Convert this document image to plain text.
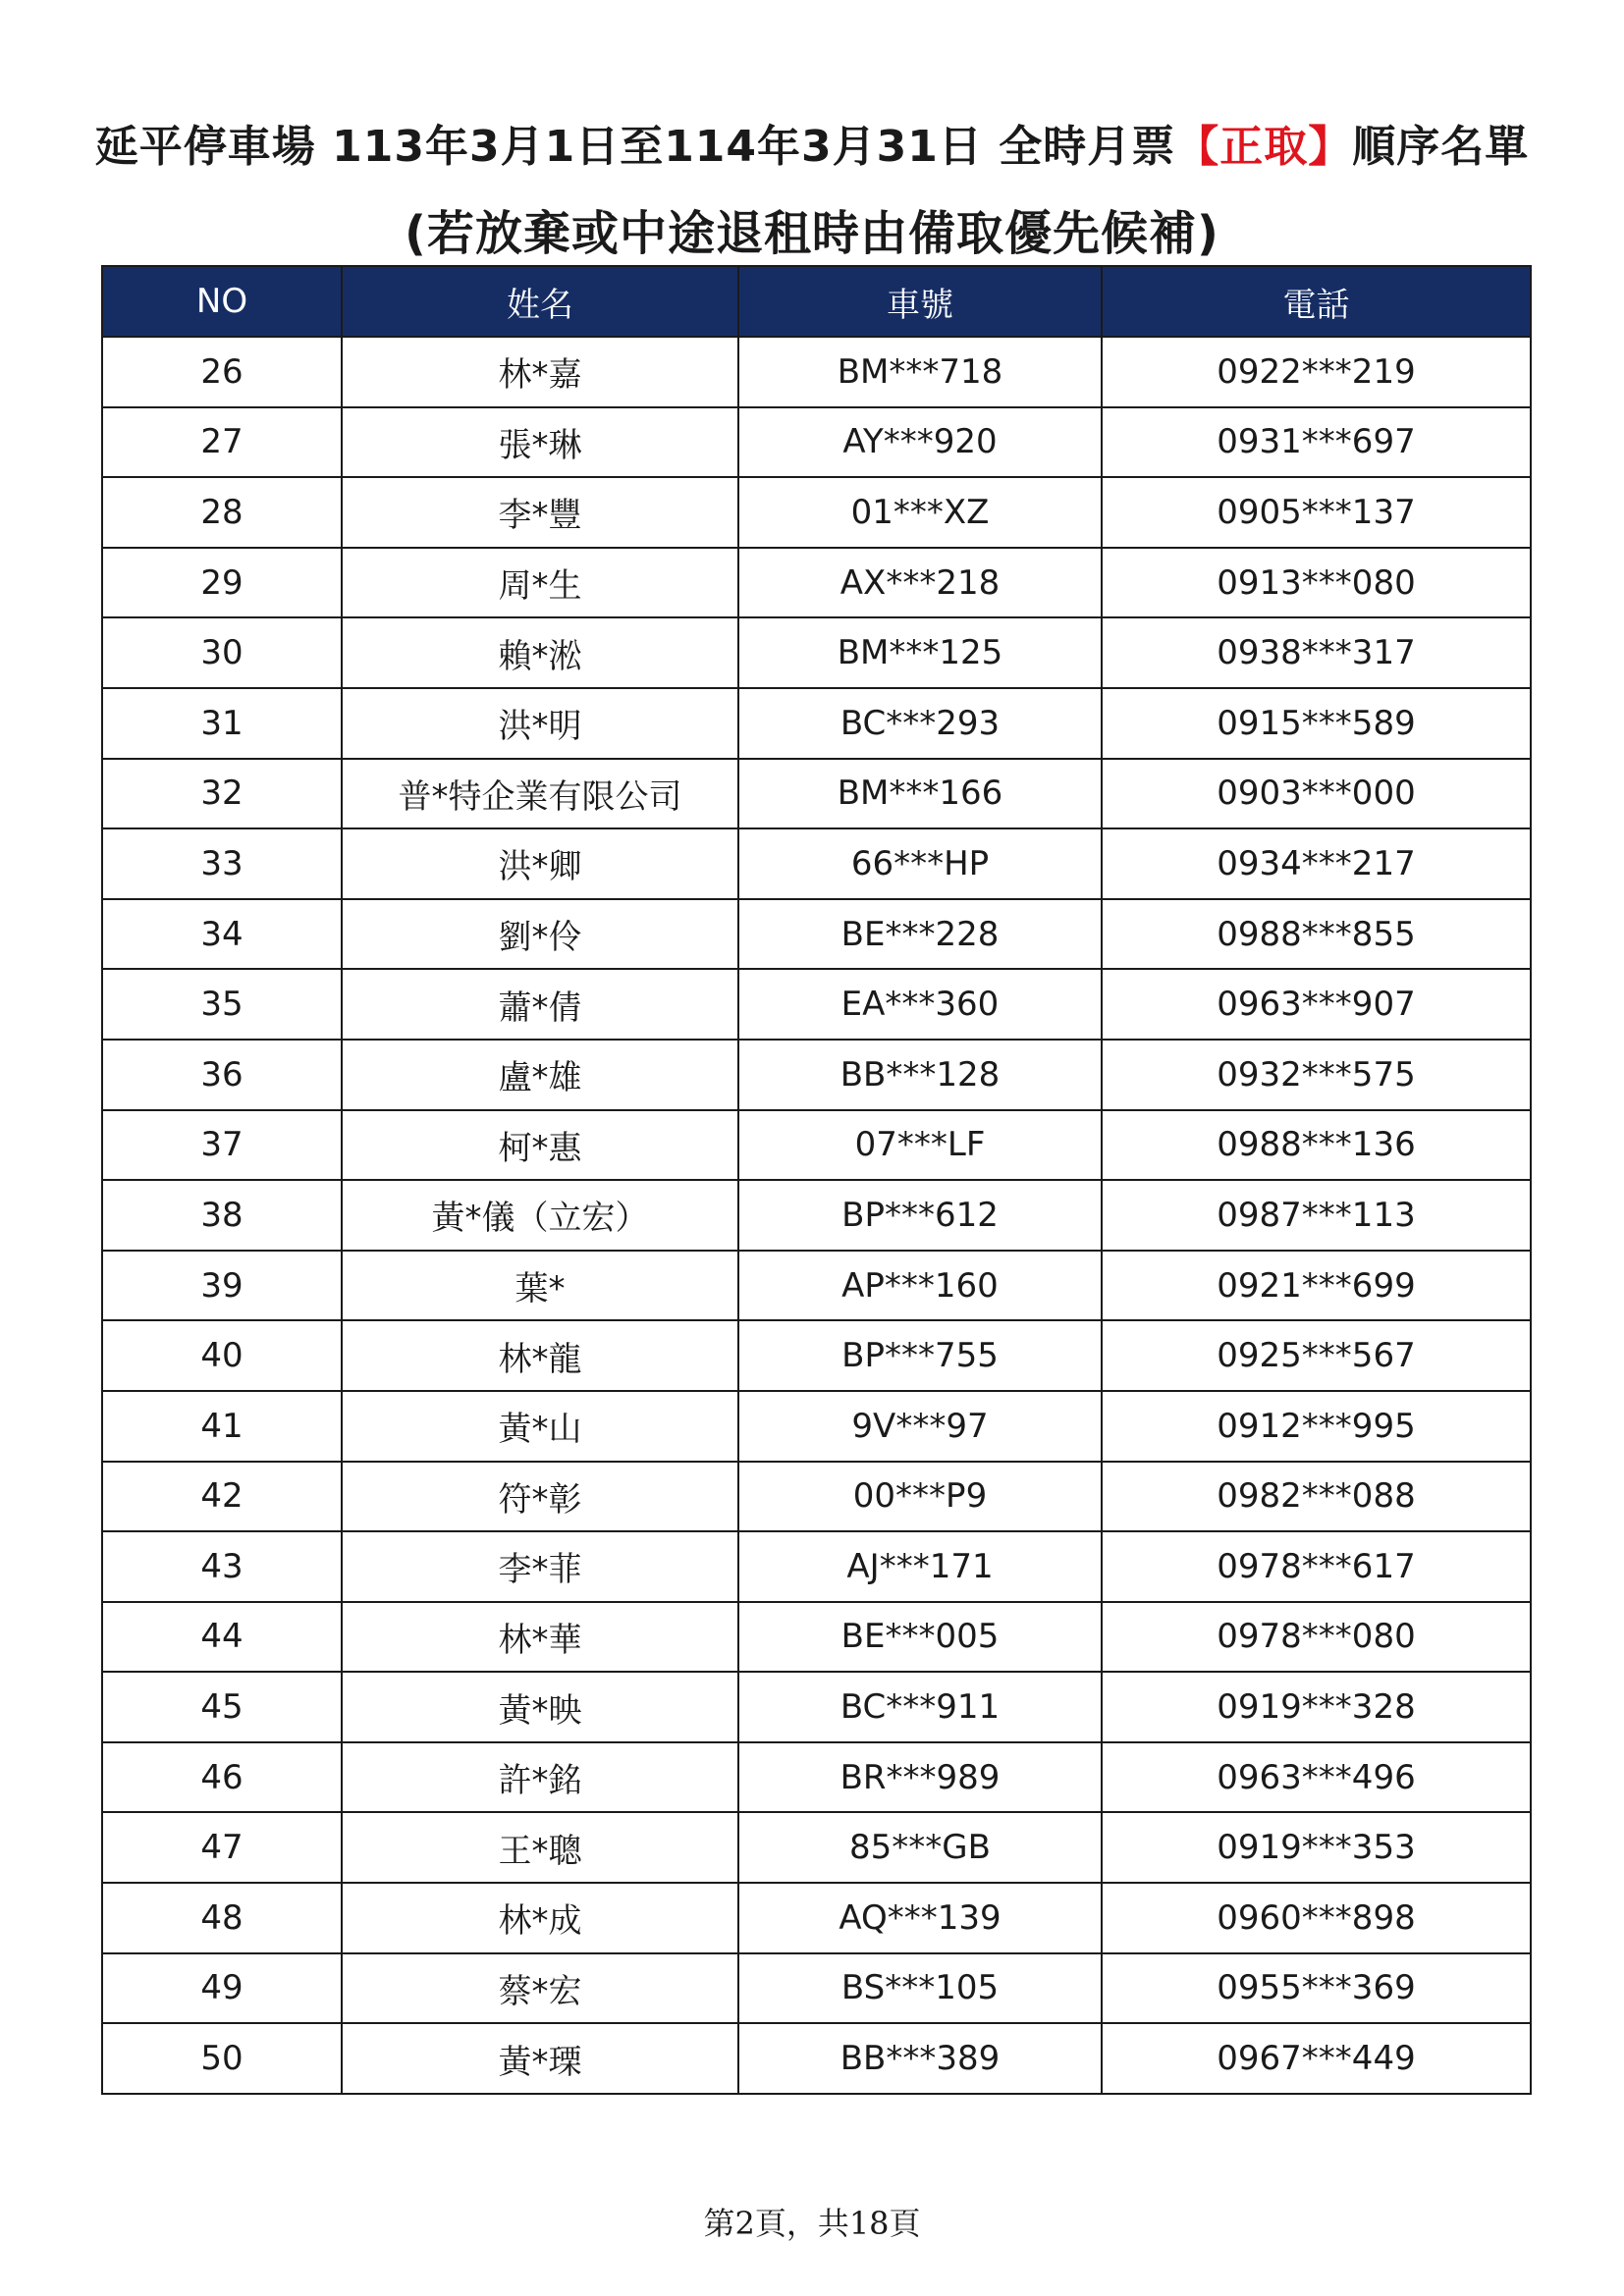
延平停車場 113年3月1日至114年3月31日 全時月票【正取】順序名單
(若放棄或中途退租時由備取優先候補)
NO	姓名	車號	電話
26	林*嘉	BM***718	0922***219
27	張*琳	AY***920	0931***697
28	李*豐	01***XZ	0905***137
29	周*生	AX***218	0913***080
30	賴*淞	BM***125	0938***317
31	洪*明	BC***293	0915***589
32	普*特企業有限公司	BM***166	0903***000
33	洪*卿	66***HP	0934***217
34	劉*伶	BE***228	0988***855
35	蕭*倩	EA***360	0963***907
36	盧*雄	BB***128	0932***575
37	柯*惠	07***LF	0988***136
38	黃*儀（立宏）	BP***612	0987***113
39	葉*	AP***160	0921***699
40	林*龍	BP***755	0925***567
41	黃*山	9V***97	0912***995
42	符*彰	00***P9	0982***088
43	李*菲	AJ***171	0978***617
44	林*華	BE***005	0978***080
45	黃*映	BC***911	0919***328
46	許*銘	BR***989	0963***496
47	王*聰	85***GB	0919***353
48	林*成	AQ***139	0960***898
49	蔡*宏	BS***105	0955***369
50	黃*瑮	BB***389	0967***449
第2頁，共18頁
